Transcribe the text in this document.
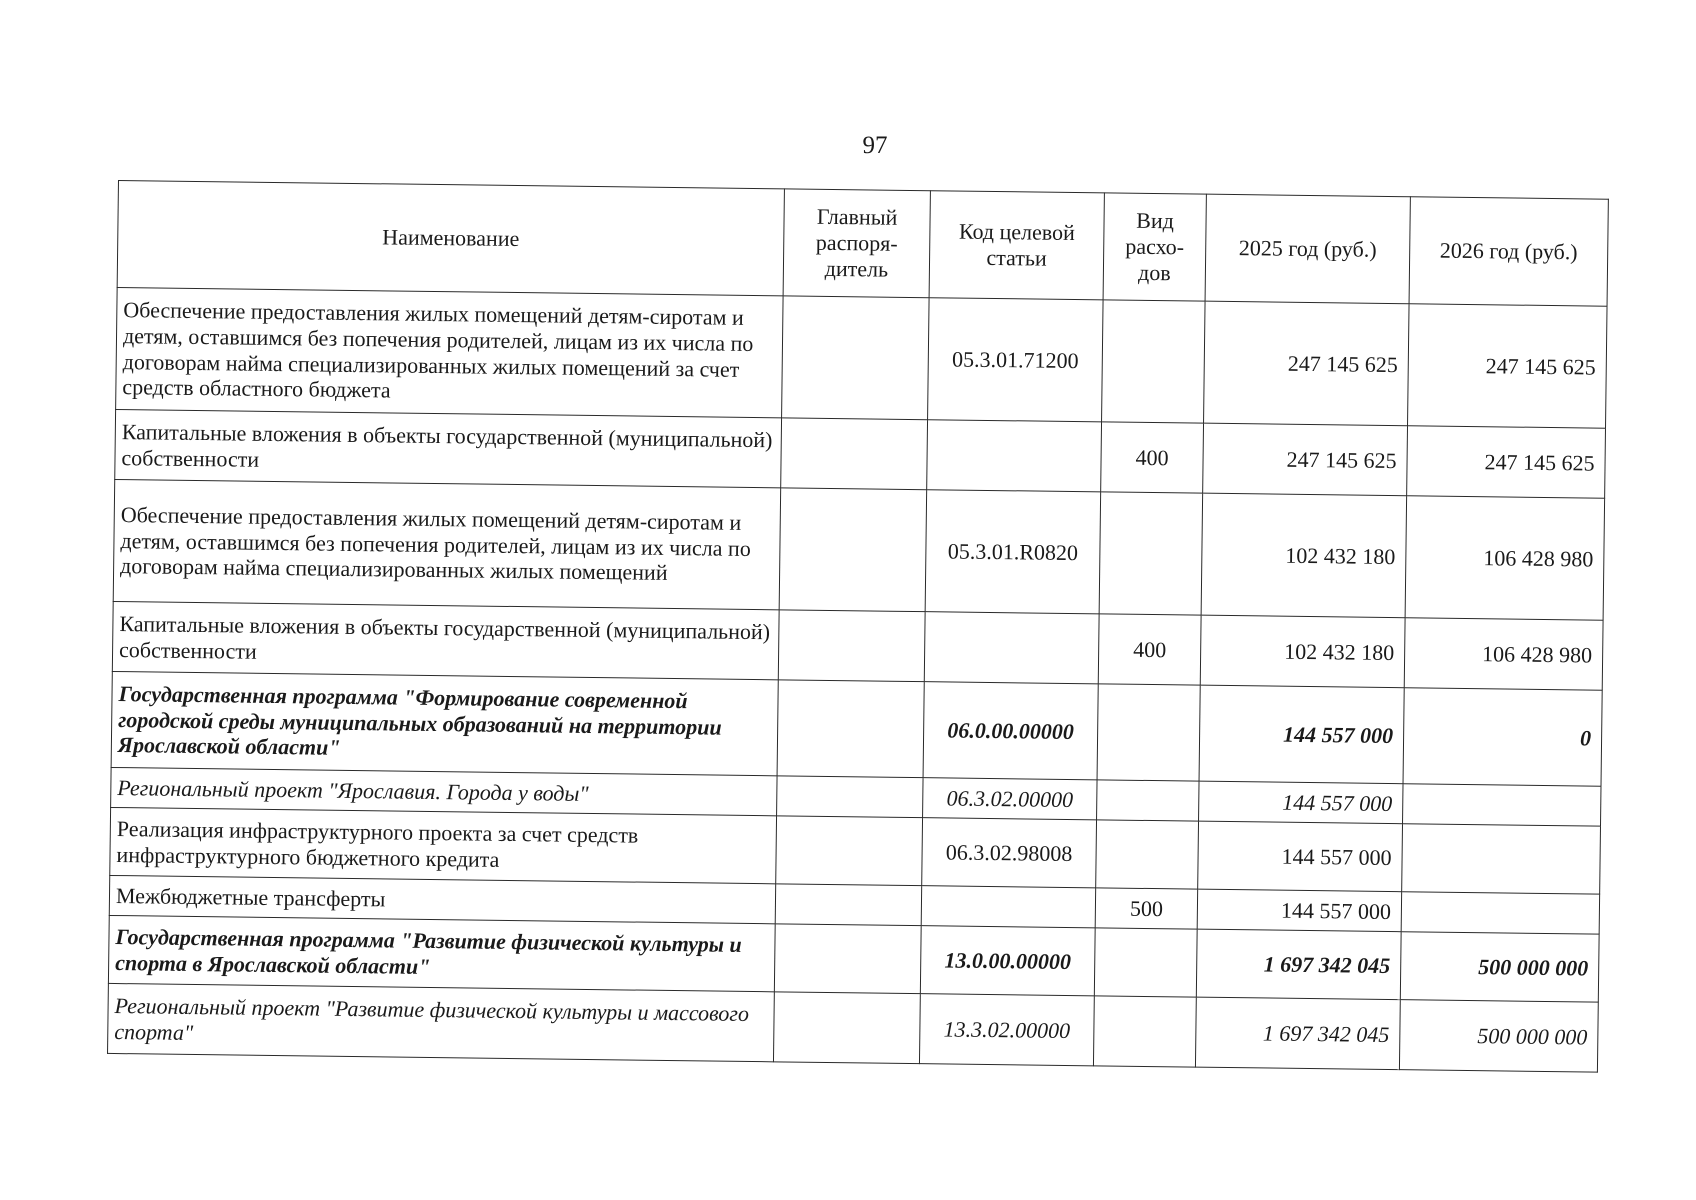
97
Наименование	Главный распоря-дитель	Код целевой статьи	Вид расхо-дов	2025 год (руб.)	2026 год (руб.)
Обеспечение предоставления жилых помещений детям-сиротам и детям, оставшимся без попечения родителей, лицам из их числа по договорам найма специализированных жилых помещений за счет средств областного бюджета		05.3.01.71200		247 145 625	247 145 625
Капитальные вложения в объекты государственной (муниципальной) собственности			400	247 145 625	247 145 625
Обеспечение предоставления жилых помещений детям-сиротам и детям, оставшимся без попечения родителей, лицам из их числа по договорам найма специализированных жилых помещений		05.3.01.R0820		102 432 180	106 428 980
Капитальные вложения в объекты государственной (муниципальной) собственности			400	102 432 180	106 428 980
Государственная программа "Формирование современной городской среды муниципальных образований на территории Ярославской области"		06.0.00.00000		144 557 000	0
Региональный проект "Ярославия. Города у воды"		06.3.02.00000		144 557 000	
Реализация инфраструктурного проекта за счет средств инфраструктурного бюджетного кредита		06.3.02.98008		144 557 000	
Межбюджетные трансферты			500	144 557 000	
Государственная программа "Развитие физической культуры и спорта в Ярославской области"		13.0.00.00000		1 697 342 045	500 000 000
Региональный проект "Развитие физической культуры и массового спорта"		13.3.02.00000		1 697 342 045	500 000 000
